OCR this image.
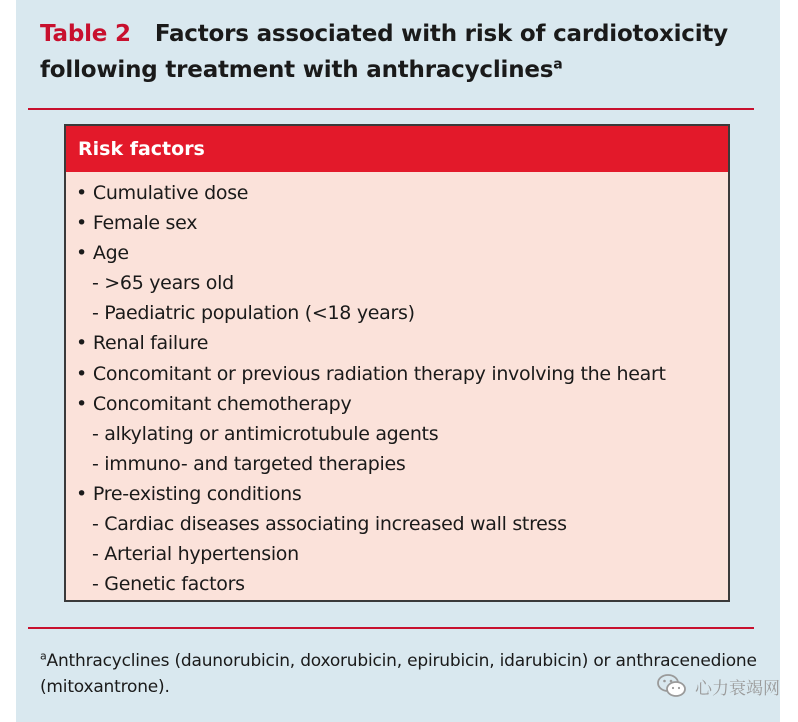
Table 2 Factors associated with risk of cardiotoxicity following treatment with anthracyclines$^a$
Risk factors
• Cumulative dose
• Female sex
• Age
- >65 years old
- Paediatric population (<18 years)
• Renal failure
• Concomitant or previous radiation therapy involving the heart
• Concomitant chemotherapy
- alkylating or antimicrotubule agents
- immuno- and targeted therapies
• Pre-existing conditions
- Cardiac diseases associating increased wall stress
- Arterial hypertension
- Genetic factors
$^a$Anthracyclines (daunorubicin, doxorubicin, epirubicin, idarubicin) or anthracenedione (mitoxantrone).	心力衰竭网
